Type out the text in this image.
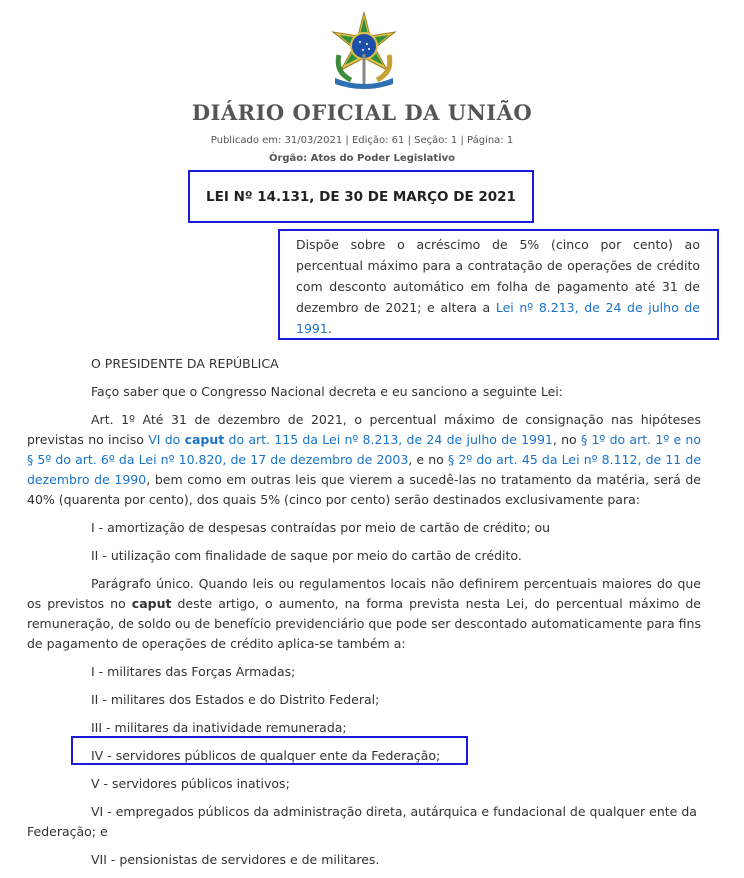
DIÁRIO OFICIAL DA UNIÃO
Publicado em: 31/03/2021 | Edição: 61 | Seção: 1 | Página: 1
Órgão: Atos do Poder Legislativo
LEI Nº 14.131, DE 30 DE MARÇO DE 2021
Dispõe sobre o acréscimo de 5% (cinco por cento) ao percentual máximo para a contratação de operações de crédito com desconto automático em folha de pagamento até 31 de dezembro de 2021; e altera a Lei nº 8.213, de 24 de julho de 1991.
O PRESIDENTE DA REPÚBLICA
Faço saber que o Congresso Nacional decreta e eu sanciono a seguinte Lei:
Art. 1º Até 31 de dezembro de 2021, o percentual máximo de consignação nas hipóteses previstas no inciso VI do caput do art. 115 da Lei nº 8.213, de 24 de julho de 1991, no § 1º do art. 1º e no § 5º do art. 6º da Lei nº 10.820, de 17 de dezembro de 2003, e no § 2º do art. 45 da Lei nº 8.112, de 11 de dezembro de 1990, bem como em outras leis que vierem a sucedê-las no tratamento da matéria, será de 40% (quarenta por cento), dos quais 5% (cinco por cento) serão destinados exclusivamente para:
I - amortização de despesas contraídas por meio de cartão de crédito; ou
II - utilização com finalidade de saque por meio do cartão de crédito.
Parágrafo único. Quando leis ou regulamentos locais não definirem percentuais maiores do que os previstos no caput deste artigo, o aumento, na forma prevista nesta Lei, do percentual máximo de remuneração, de soldo ou de benefício previdenciário que pode ser descontado automaticamente para fins de pagamento de operações de crédito aplica-se também a:
I - militares das Forças Armadas;
II - militares dos Estados e do Distrito Federal;
III - militares da inatividade remunerada;
IV - servidores públicos de qualquer ente da Federação;
V - servidores públicos inativos;
VI - empregados públicos da administração direta, autárquica e fundacional de qualquer ente da Federação; e
VII - pensionistas de servidores e de militares.
